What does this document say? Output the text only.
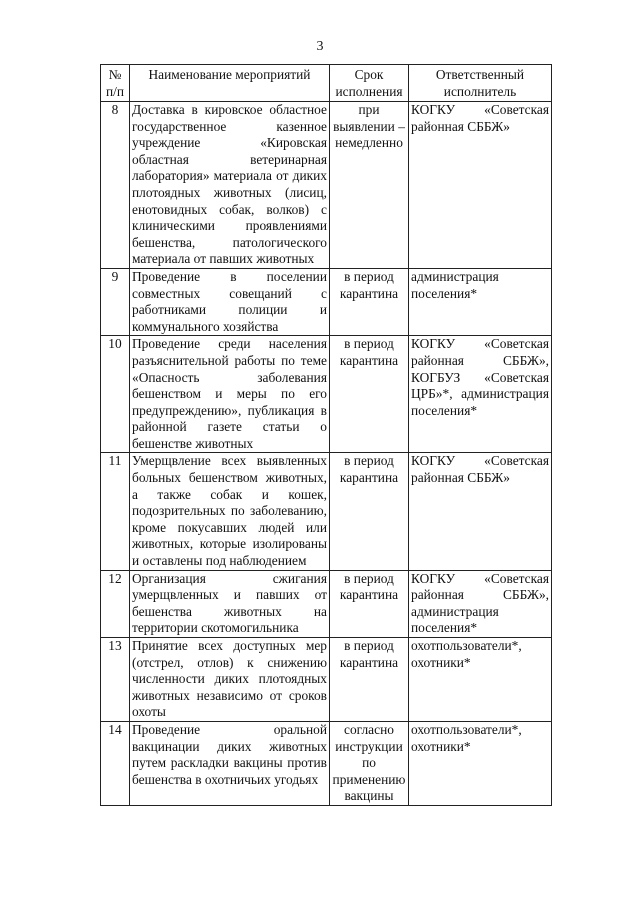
3
№ п/п	Наименование мероприятий	Срок исполнения	Ответственный исполнитель
8	Доставка в кировское областное государственное казенное учреждение «Кировская областная ветеринарная лаборатория» материала от диких плотоядных животных (лисиц, енотовидных собак, волков) с клиническими проявлениями бешенства, патологического материала от павших животных	при выявлении – немедленно	КОГКУ «Советская районная СББЖ»
9	Проведение в поселении совместных совещаний с работниками полиции и коммунального хозяйства	в период карантина	администрация поселения*
10	Проведение среди населения разъяснительной работы по теме «Опасность заболевания бешенством и меры по его предупреждению», публикация в районной газете статьи о бешенстве животных	в период карантина	КОГКУ «Советская районная СББЖ», КОГБУЗ «Советская ЦРБ»*, администрация поселения*
11	Умерщвление всех выявленных больных бешенством животных, а также собак и кошек, подозрительных по заболеванию, кроме покусавших людей или животных, которые изолированы и оставлены под наблюдением	в период карантина	КОГКУ «Советская районная СББЖ»
12	Организация сжигания умерщвленных и павших от бешенства животных на территории скотомогильника	в период карантина	КОГКУ «Советская районная СББЖ», администрация поселения*
13	Принятие всех доступных мер (отстрел, отлов) к снижению численности диких плотоядных животных независимо от сроков охоты	в период карантина	охотпользователи*, охотники*
14	Проведение оральной вакцинации диких животных путем раскладки вакцины против бешенства в охотничьих угодьях	согласно инструкции по применению вакцины	охотпользователи*, охотники*
